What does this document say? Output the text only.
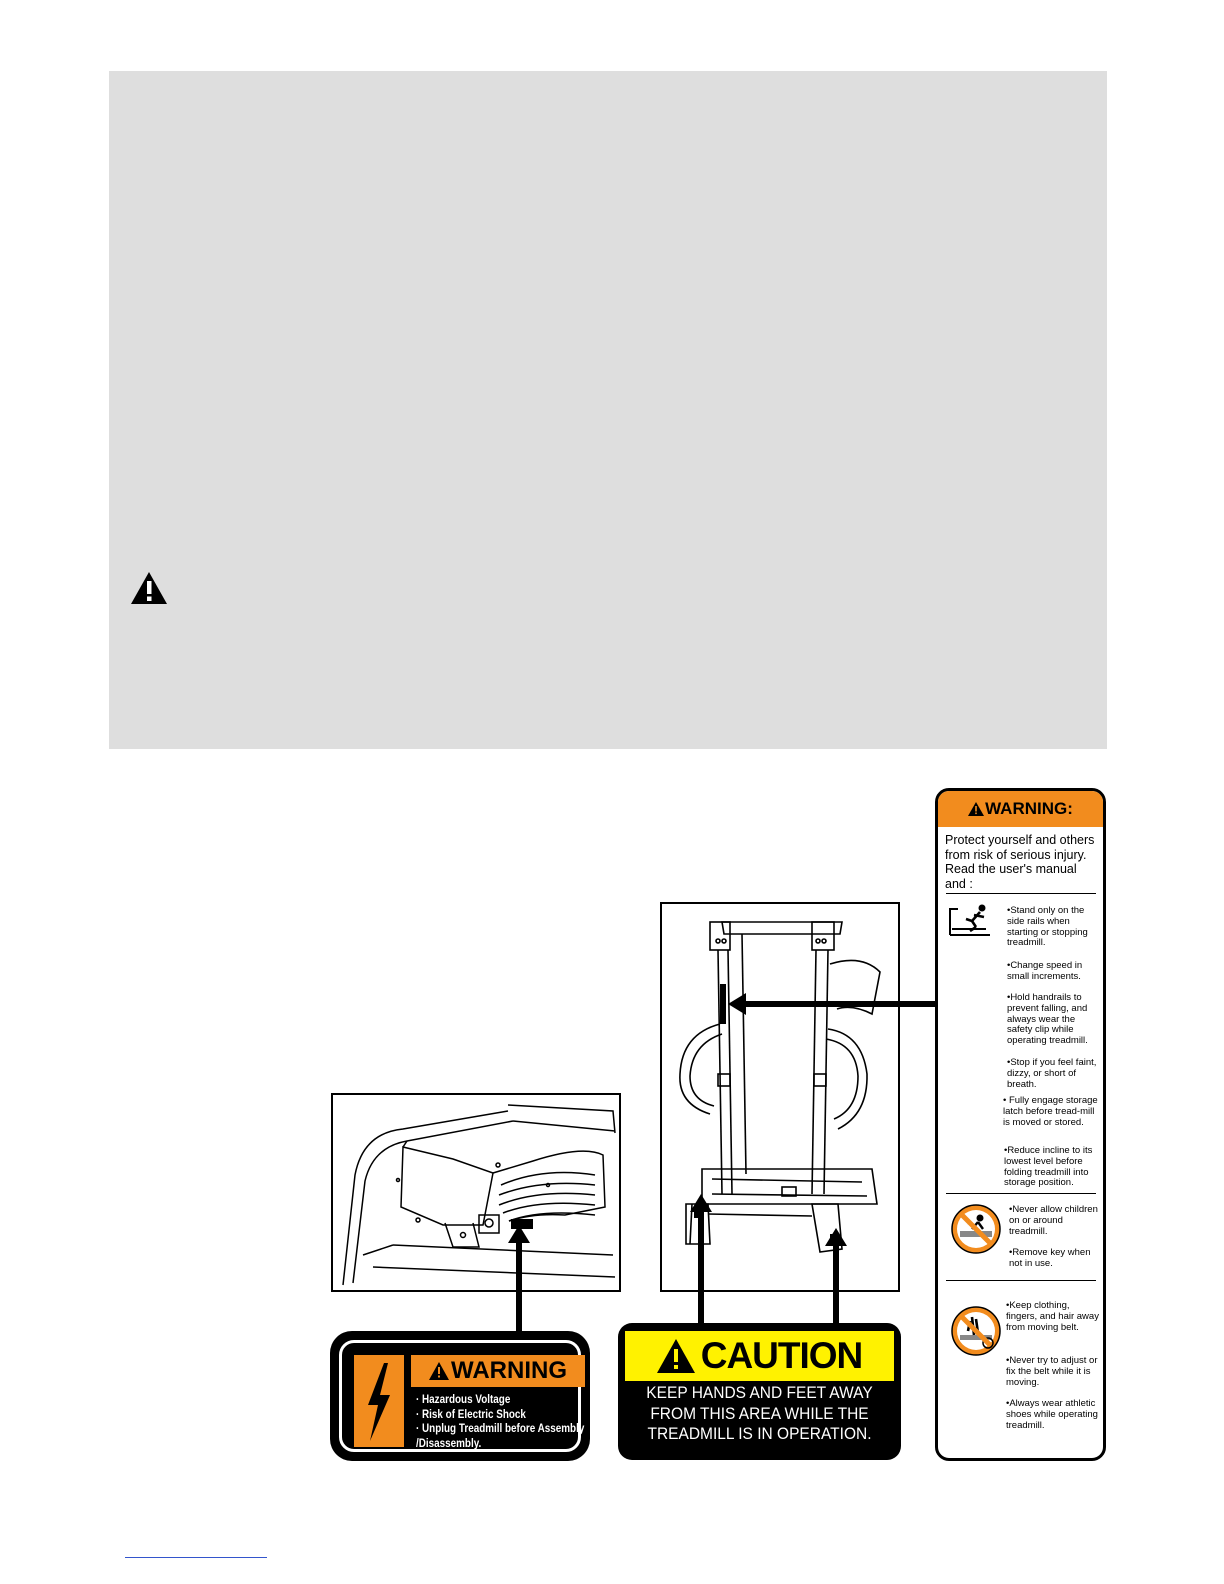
WARNING
· Hazardous Voltage
· Risk of Electric Shock
· Unplug Treadmill before Assembly
/Disassembly.
CAUTION
KEEP HANDS AND FEET AWAY
FROM THIS AREA WHILE THE
TREADMILL IS IN OPERATION.
WARNING:
Protect yourself and others from risk of serious injury. Read the user's manual and :
•Stand only on the side rails when starting or stopping treadmill.
•Change speed in small increments.
•Hold handrails to prevent falling, and always wear the safety clip while operating treadmill.
•Stop if you feel faint, dizzy, or short of breath.
• Fully engage storage latch before tread-mill is moved or stored.
•Reduce incline to its lowest level before folding treadmill into storage position.
•Never allow children on or around treadmill.
•Remove key when not in use.
•Keep clothing, fingers, and hair away from moving belt.
•Never try to adjust or fix the belt while it is moving.
•Always wear athletic shoes while operating treadmill.
